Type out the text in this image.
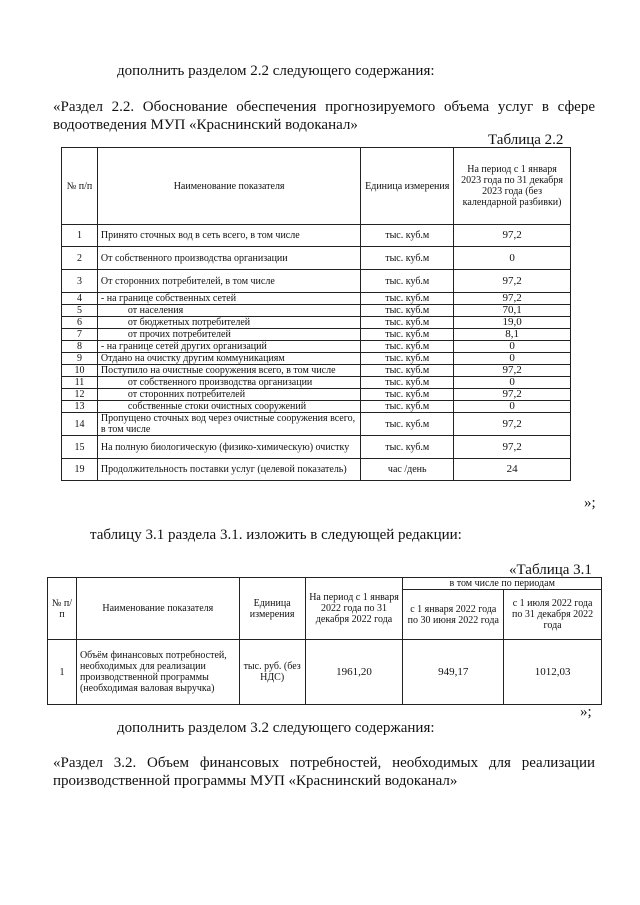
дополнить разделом 2.2 следующего содержания:
«Раздел 2.2. Обоснование обеспечения прогнозируемого объема услуг в сфере
водоотведения МУП «Краснинский водоканал»
Таблица 2.2
№ п/п	Наименование показателя	Единица измерения	На период с 1 января 2023 года по 31 декабря 2023 года (без календарной разбивки)
1	Принято сточных вод в сеть всего, в том числе	тыс. куб.м	97,2
2	От собственного производства организации	тыс. куб.м	0
3	От сторонних потребителей, в том числе	тыс. куб.м	97,2
4	- на границе собственных сетей	тыс. куб.м	97,2
5	от населения	тыс. куб.м	70,1
6	от бюджетных потребителей	тыс. куб.м	19,0
7	от прочих потребителей	тыс. куб.м	8,1
8	- на границе сетей других организаций	тыс. куб.м	0
9	Отдано на очистку другим коммуникациям	тыс. куб.м	0
10	Поступило на очистные сооружения всего, в том числе	тыс. куб.м	97,2
11	от собственного производства организации	тыс. куб.м	0
12	от сторонних потребителей	тыс. куб.м	97,2
13	собственные стоки очистных сооружений	тыс. куб.м	0
14	Пропущено сточных вод через очистные сооружения всего, в том числе	тыс. куб.м	97,2
15	На полную биологическую (физико-химическую) очистку	тыс. куб.м	97,2
19	Продолжительность поставки услуг (целевой показатель)	час /день	24
»;
таблицу 3.1 раздела 3.1. изложить в следующей редакции:
«Таблица 3.1
№ п/п	Наименование показателя	Единица измерения	На период с 1 января 2022 года по 31 декабря 2022 года	в том числе по периодам	
				с 1 января 2022 года по 30 июня 2022 года	с 1 июля 2022 года по 31 декабря 2022 года
1	Объём финансовых потребностей, необходимых для реализации производственной программы (необходимая валовая выручка)	тыс. руб. (без НДС)	1961,20	949,17	1012,03
»;
дополнить разделом 3.2 следующего содержания:
«Раздел 3.2. Объем финансовых потребностей, необходимых для реализации
производственной программы МУП «Краснинский водоканал»
